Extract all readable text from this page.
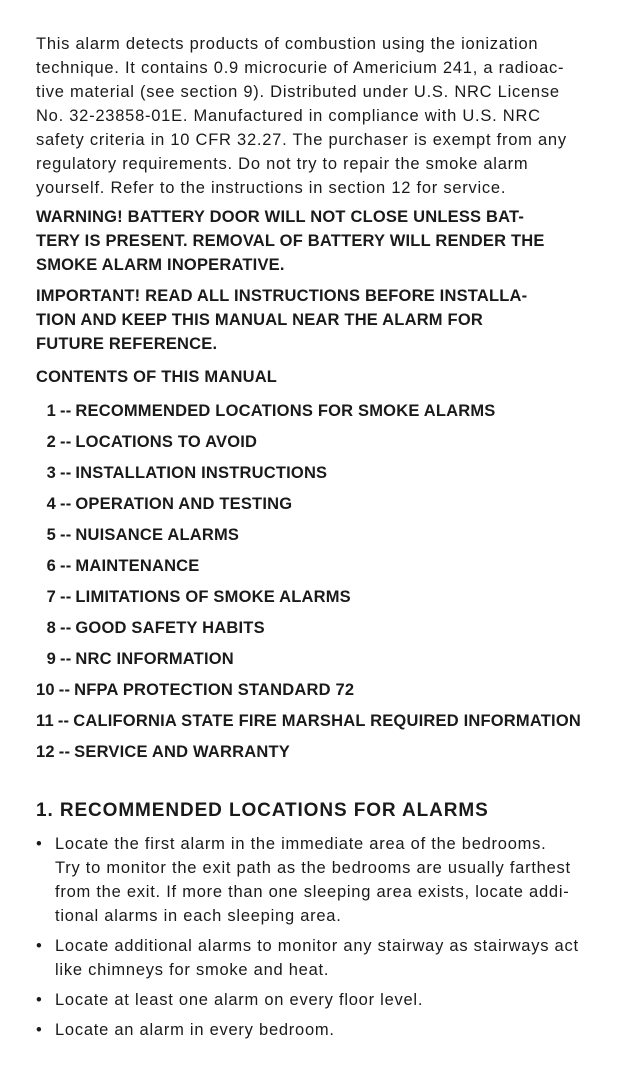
This alarm detects products of combustion using the ionization
technique. It contains 0.9 microcurie of Americium 241, a radioac-
tive material (see section 9). Distributed under U.S. NRC License
No. 32-23858-01E. Manufactured in compliance with U.S. NRC
safety criteria in 10 CFR 32.27. The purchaser is exempt from any
regulatory requirements. Do not try to repair the smoke alarm
yourself. Refer to the instructions in section 12 for service.
WARNING! BATTERY DOOR WILL NOT CLOSE UNLESS BAT-
TERY IS PRESENT. REMOVAL OF BATTERY WILL RENDER THE
SMOKE ALARM INOPERATIVE.
IMPORTANT! READ ALL INSTRUCTIONS BEFORE INSTALLA-
TION AND KEEP THIS MANUAL NEAR THE ALARM FOR
FUTURE REFERENCE.
CONTENTS OF THIS MANUAL
1 -- RECOMMENDED LOCATIONS FOR SMOKE ALARMS
2 -- LOCATIONS TO AVOID
3 -- INSTALLATION INSTRUCTIONS
4 -- OPERATION AND TESTING
5 -- NUISANCE ALARMS
6 -- MAINTENANCE
7 -- LIMITATIONS OF SMOKE ALARMS
8 -- GOOD SAFETY HABITS
9 -- NRC INFORMATION
10 -- NFPA PROTECTION STANDARD 72
11 -- CALIFORNIA STATE FIRE MARSHAL REQUIRED INFORMATION
12 -- SERVICE AND WARRANTY
1. RECOMMENDED LOCATIONS FOR ALARMS
• Locate the first alarm in the immediate area of the bedrooms.
Try to monitor the exit path as the bedrooms are usually farthest
from the exit. If more than one sleeping area exists, locate addi-
tional alarms in each sleeping area.
• Locate additional alarms to monitor any stairway as stairways act
like chimneys for smoke and heat.
• Locate at least one alarm on every floor level.
• Locate an alarm in every bedroom.
